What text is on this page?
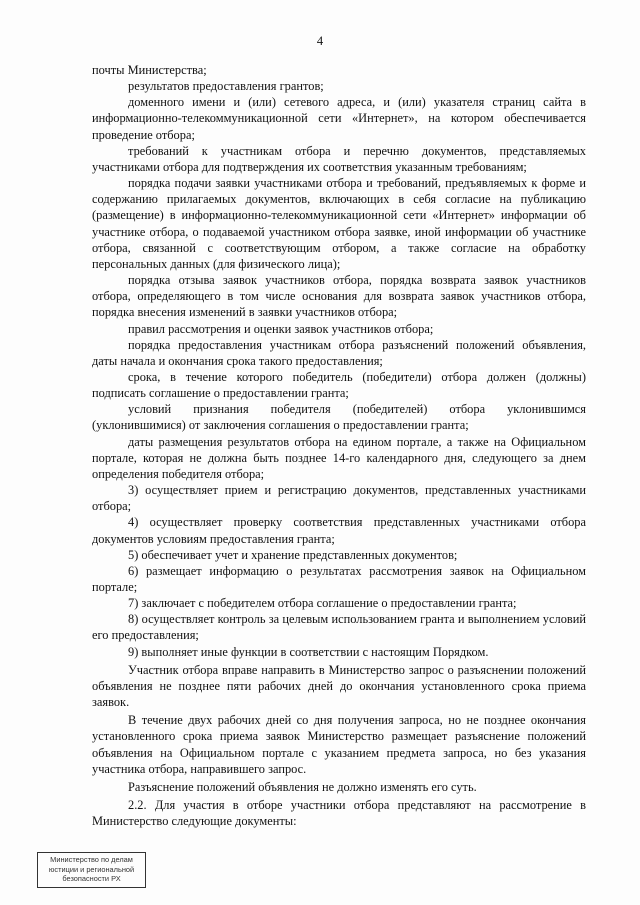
4

почты Министерства;

результатов предоставления грантов;

доменного имени и (или) сетевого адреса, и (или) указателя страниц сайта в информационно-телекоммуникационной сети «Интернет», на котором обеспечивается проведение отбора;

требований к участникам отбора и перечню документов, представляемых участниками отбора для подтверждения их соответствия указанным требованиям;

порядка подачи заявки участниками отбора и требований, предъявляемых к форме и содержанию прилагаемых документов, включающих в себя согласие на публикацию (размещение) в информационно-телекоммуникационной сети «Интернет» информации об участнике отбора, о подаваемой участником отбора заявке, иной информации об участнике отбора, связанной с соответствующим отбором, а также согласие на обработку персональных данных (для физического лица);

порядка отзыва заявок участников отбора, порядка возврата заявок участников отбора, определяющего в том числе основания для возврата заявок участников отбора, порядка внесения изменений в заявки участников отбора;

правил рассмотрения и оценки заявок участников отбора;

порядка предоставления участникам отбора разъяснений положений объявления, даты начала и окончания срока такого предоставления;

срока, в течение которого победитель (победители) отбора должен (должны) подписать соглашение о предоставлении гранта;

условий признания победителя (победителей) отбора уклонившимся (уклонившимися) от заключения соглашения о предоставлении гранта;

даты размещения результатов отбора на едином портале, а также на Официальном портале, которая не должна быть позднее 14-го календарного дня, следующего за днем определения победителя отбора;

3) осуществляет прием и регистрацию документов, представленных участниками отбора;

4) осуществляет проверку соответствия представленных участниками отбора документов условиям предоставления гранта;

5) обеспечивает учет и хранение представленных документов;

6) размещает информацию о результатах рассмотрения заявок на Официальном портале;

7) заключает с победителем отбора соглашение о предоставлении гранта;

8) осуществляет контроль за целевым использованием гранта и выполнением условий его предоставления;

9) выполняет иные функции в соответствии с настоящим Порядком.

Участник отбора вправе направить в Министерство запрос о разъяснении положений объявления не позднее пяти рабочих дней до окончания установленного срока приема заявок.

В течение двух рабочих дней со дня получения запроса, но не позднее окончания установленного срока приема заявок Министерство размещает разъяснение положений объявления на Официальном портале с указанием предмета запроса, но без указания участника отбора, направившего запрос.

Разъяснение положений объявления не должно изменять его суть.

2.2. Для участия в отборе участники отбора представляют на рассмотрение в Министерство следующие документы:

Министерство по делам
юстиции и региональной
безопасности РХ
